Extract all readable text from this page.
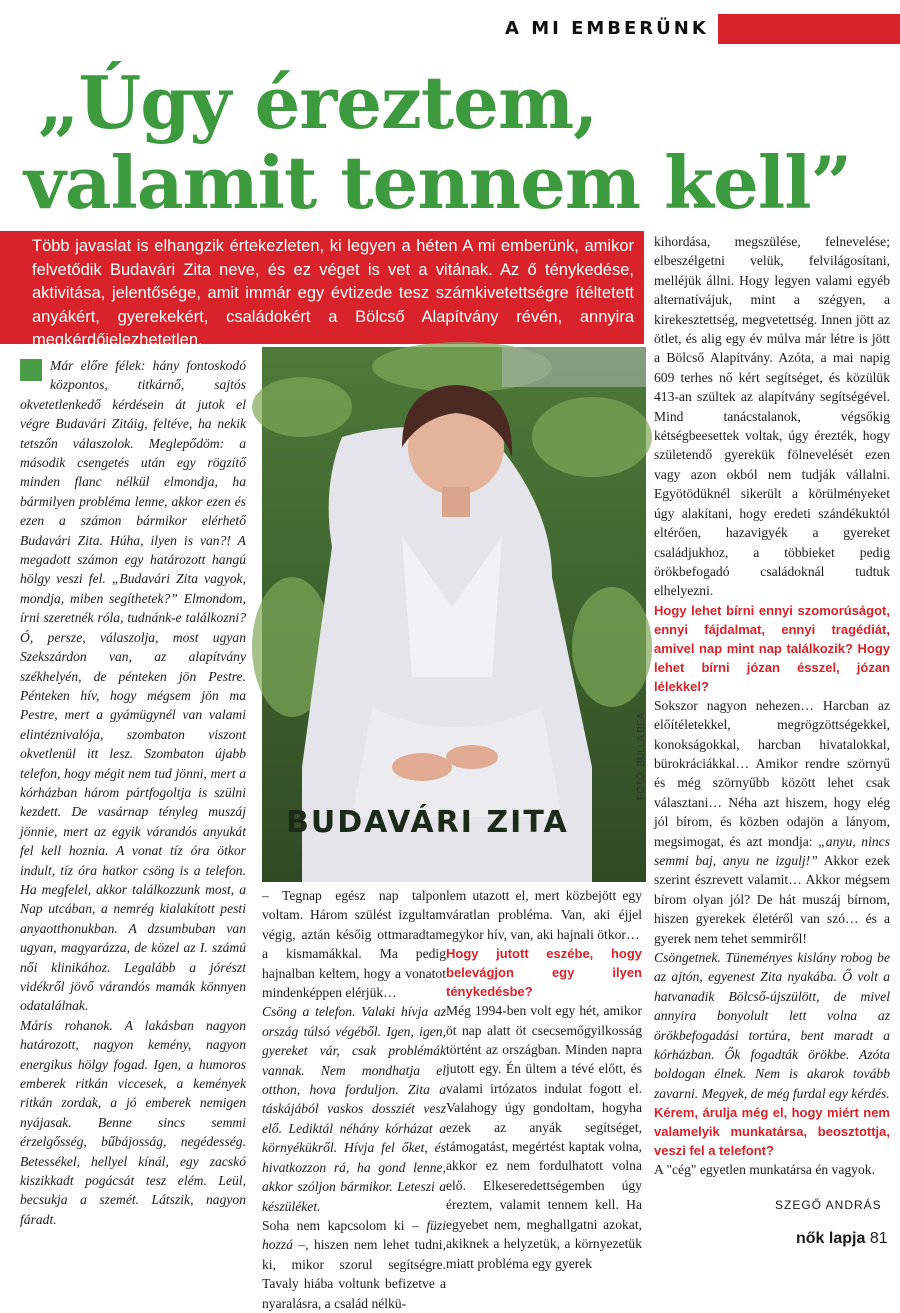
A MI EMBERÜNK
„Úgy éreztem,
valamit tennem kell”

Több javaslat is elhangzik értekezleten, ki legyen a héten A mi emberünk, amikor felvetődik Budavári Zita neve, és ez véget is vet a vitának. Az ő ténykedése, aktivitása, jelentősége, amit immár egy évtizede tesz számkivetettségre ítéltetett anyákért, gyerekekért, családokért a Bölcső Alapítvány révén, annyira megkérdőjelezhetetlen.

Már előre félek: hány fontoskodó központos, titkárnő, sajtós okvetetlenkedő kérdésein át jutok el végre Budavári Zitáig, feltéve, ha nekik tetszőn válaszolok. Meglepődöm: a második csengetés után egy rögzítő minden flanc nélkül elmondja, ha bármilyen probléma lenne, akkor ezen és ezen a számon bármikor elérhető Budavári Zita. Húha, ilyen is van?! A megadott számon egy határozott hangú hölgy veszi fel. „Budavári Zita vagyok, mondja, miben segíthetek?” Elmondom, írni szeretnék róla, tudnánk-e találkozni? Ó, persze, válaszolja, most ugyan Szekszárdon van, az alapítvány székhelyén, de pénteken jön Pestre. Pénteken hív, hogy mégsem jön ma Pestre, mert a gyámügynél van valami elintéznivalója, szombaton viszont okvetlenül itt lesz. Szombaton újabb telefon, hogy mégit nem tud jönni, mert a kórházban három pártfogoltja is szülni kezdett. De vasárnap tényleg muszáj jönnie, mert az egyik várandós anyukát fel kell hoznia. A vonat tíz óra ötkor indult, tíz óra hatkor csöng is a telefon. Ha megfelel, akkor találkozzunk most, a Nap utcában, a nemrég kialakított pesti anyaotthonukban. A dzsumbuban van ugyan, magyarázza, de közel az I. számú női klinikához. Legalább a jórészt vidékről jövő várandós mamák könnyen odatalálnak.

Máris rohanok. A lakásban nagyon határozott, nagyon kemény, nagyon energikus hölgy fogad. Igen, a humoros emberek ritkán viccesek, a kemények ritkán zordak, a jó emberek nemigen nyájasak. Benne sincs semmi érzelgősség, bűbájosság, negédesség. Betessékel, hellyel kínál, egy zacskó kiszikkadt pogácsát tesz elém. Leül, becsukja a szemét. Látszik, nagyon fáradt.

BUDAVÁRI ZITA
FOTÓ: BULLA BEA

– Tegnap egész nap talpon voltam. Három szülést izgultam végig, aztán későig ottmaradtam a kismamákkal. Ma pedig hajnalban keltem, hogy a vonatot mindenképpen elérjük…

Csöng a telefon. Valaki hívja az ország túlsó végéből. Igen, igen, gyereket vár, csak problémák vannak. Nem mondhatja el otthon, hova forduljon. Zita a táskájából vaskos dossziét vesz elő. Lediktál néhány kórházat a környékükről. Hívja fel őket, és hivatkozzon rá, ha gond lenne, akkor szóljon bármikor. Leteszi a készüléket.

Soha nem kapcsolom ki – füzi hozzá –, hiszen nem lehet tudni, ki, mikor szorul segítségre. Tavaly hiába voltunk befizetve a nyaralásra, a család nélkü-

lem utazott el, mert közbejött egy váratlan probléma. Van, aki éjjel egykor hív, van, aki hajnali ötkor…

Hogy jutott eszébe, hogy belevágjon egy ilyen ténykedésbe?

Még 1994-ben volt egy hét, amikor öt nap alatt öt csecsemőgyilkosság történt az országban. Minden napra jutott egy. Én ültem a tévé előtt, és valami irtózatos indulat fogott el. Valahogy úgy gondoltam, hogyha ezek az anyák segítséget, támogatást, megértést kaptak volna, akkor ez nem fordulhatott volna elő. Elkeseredettségemben úgy éreztem, valamit tennem kell. Ha egyebet nem, meghallgatni azokat, akiknek a helyzetük, a környezetük miatt probléma egy gyerek

kihordása, megszülése, felnevelése; elbeszélgetni velük, felvilágosítani, melléjük állni. Hogy legyen valami egyéb alternatívájuk, mint a szégyen, a kirekesztettség, megvetettség. Innen jött az ötlet, és alig egy év múlva már létre is jött a Bölcső Alapítvány. Azóta, a mai napig 609 terhes nő kért segítséget, és közülük 413-an szültek az alapítvány segítségével. Mind tanácstalanok, végsőkig kétségbeesettek voltak, úgy érezték, hogy születendő gyerekük fölnevelését ezen vagy azon okból nem tudják vállalni. Egyötödüknél sikerült a körülményeket úgy alakítani, hogy eredeti szándékuktól eltérően, hazavigyék a gyereket családjukhoz, a többieket pedig örökbefogadó családoknál tudtuk elhelyezni.

Hogy lehet bírni ennyi szomorúságot, ennyi fájdalmat, ennyi tragédiát, amivel nap mint nap találkozik? Hogy lehet bírni józan ésszel, józan lélekkel?

Sokszor nagyon nehezen… Harcban az előítéletekkel, megrögzöttségekkel, konokságokkal, harcban hivatalokkal, bürokráciákkal… Amikor rendre szörnyű és még szörnyűbb között lehet csak választani… Néha azt hiszem, hogy elég jól bírom, és közben odajön a lányom, megsimogat, és azt mondja: „anyu, nincs semmi baj, anyu ne izgulj!” Akkor ezek szerint észrevett valamit… Akkor mégsem bírom olyan jól? De hát muszáj bírnom, hiszen gyerekek életéről van szó… és a gyerek nem tehet semmiről!

Csöngetnek. Tüneményes kislány robog be az ajtón, egyenest Zita nyakába. Ő volt a hatvanadik Bölcső-újszülött, de mivel annyira bonyolult lett volna az örökbefogadási tortúra, bent maradt a kórházban. Ők fogadták örökbe. Azóta boldogan élnek. Nem is akarok tovább zavarni. Megyek, de még furdal egy kérdés.

Kérem, árulja még el, hogy miért nem valamelyik munkatársa, beosztottja, veszi fel a telefont?

A "cég" egyetlen munkatársa én vagyok.

SZEGŐ ANDRÁS
nők lapja 81
